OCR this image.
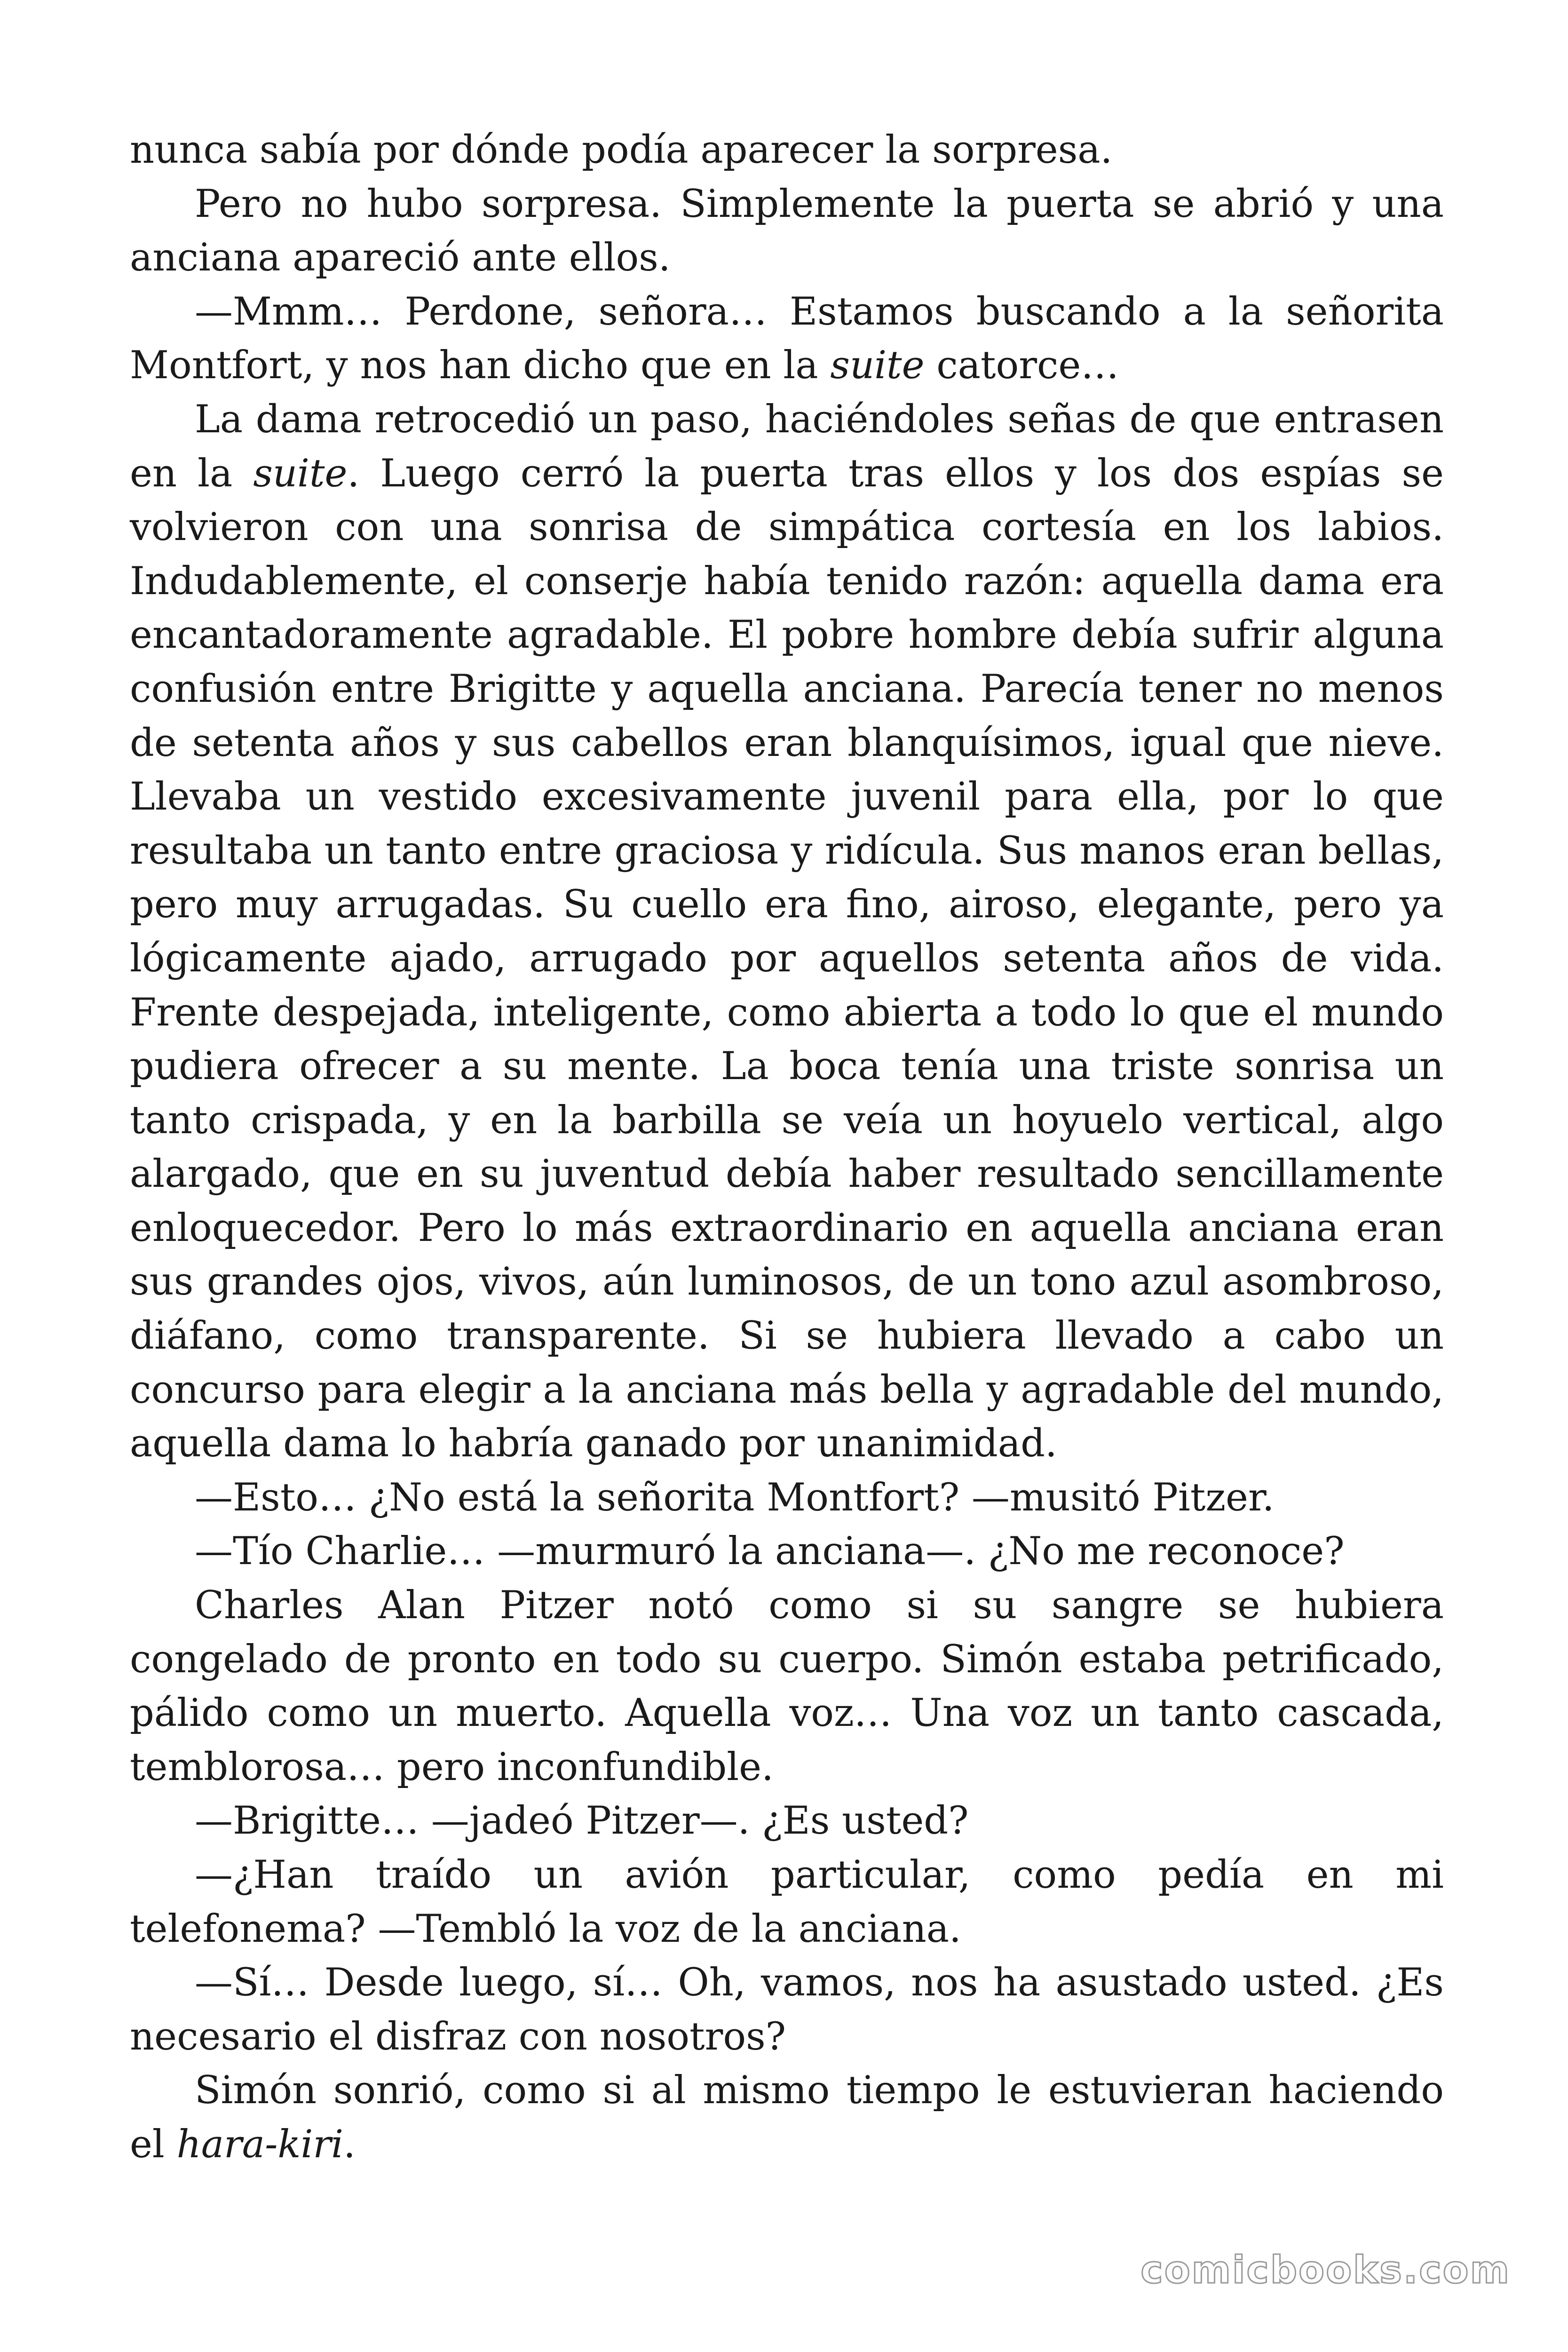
nunca sabía por dónde podía aparecer la sorpresa.

Pero no hubo sorpresa. Simplemente la puerta se abrió y una anciana apareció ante ellos.

—Mmm… Perdone, señora… Estamos buscando a la señorita Montfort, y nos han dicho que en la suite catorce…

La dama retrocedió un paso, haciéndoles señas de que entrasen en la suite. Luego cerró la puerta tras ellos y los dos espías se volvieron con una sonrisa de simpática cortesía en los labios. Indudablemente, el conserje había tenido razón: aquella dama era encantadoramente agradable. El pobre hombre debía sufrir alguna confusión entre Brigitte y aquella anciana. Parecía tener no menos de setenta años y sus cabellos eran blanquísimos, igual que nieve. Llevaba un vestido excesivamente juvenil para ella, por lo que resultaba un tanto entre graciosa y ridícula. Sus manos eran bellas, pero muy arrugadas. Su cuello era fino, airoso, elegante, pero ya lógicamente ajado, arrugado por aquellos setenta años de vida. Frente despejada, inteligente, como abierta a todo lo que el mundo pudiera ofrecer a su mente. La boca tenía una triste sonrisa un tanto crispada, y en la barbilla se veía un hoyuelo vertical, algo alargado, que en su juventud debía haber resultado sencillamente enloquecedor. Pero lo más extraordinario en aquella anciana eran sus grandes ojos, vivos, aún luminosos, de un tono azul asombroso, diáfano, como transparente. Si se hubiera llevado a cabo un concurso para elegir a la anciana más bella y agradable del mundo, aquella dama lo habría ganado por unanimidad.

—Esto… ¿No está la señorita Montfort? —musitó Pitzer.

—Tío Charlie… —murmuró la anciana—. ¿No me reconoce?

Charles Alan Pitzer notó como si su sangre se hubiera congelado de pronto en todo su cuerpo. Simón estaba petrificado, pálido como un muerto. Aquella voz… Una voz un tanto cascada, temblorosa… pero inconfundible.

—Brigitte… —jadeó Pitzer—. ¿Es usted?

—¿Han traído un avión particular, como pedía en mi telefonema? —Tembló la voz de la anciana.

—Sí… Desde luego, sí… Oh, vamos, nos ha asustado usted. ¿Es necesario el disfraz con nosotros?

Simón sonrió, como si al mismo tiempo le estuvieran haciendo el hara-kiri.

comicbooks.com
